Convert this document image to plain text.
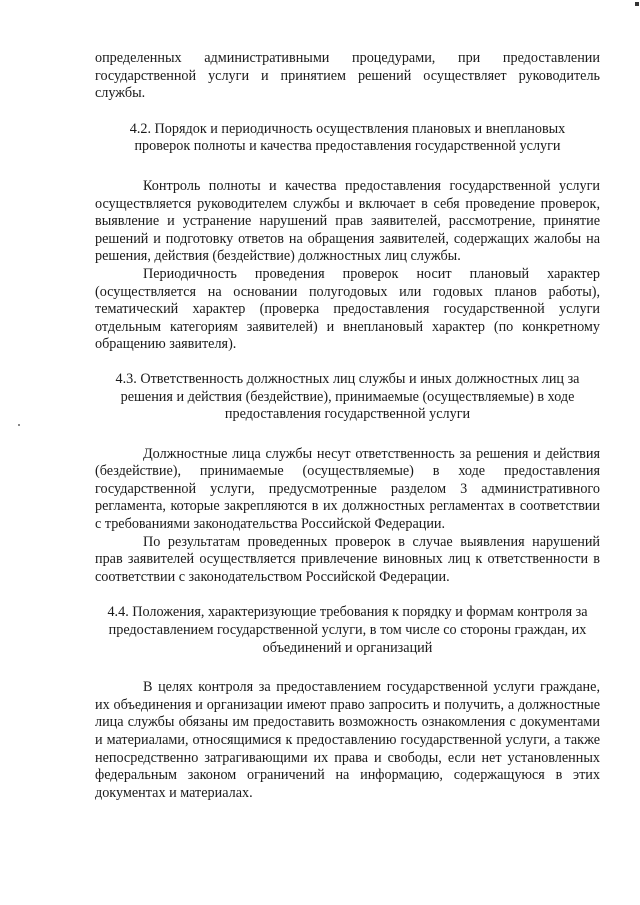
определенных административными процедурами, при предоставлении государственной услуги и принятием решений осуществляет руководитель службы.

4.2. Порядок и периодичность осуществления плановых и внеплановых проверок полноты и качества предоставления государственной услуги

Контроль полноты и качества предоставления государственной услуги осуществляется руководителем службы и включает в себя проведение проверок, выявление и устранение нарушений прав заявителей, рассмотрение, принятие решений и подготовку ответов на обращения заявителей, содержащих жалобы на решения, действия (бездействие) должностных лиц службы.

Периодичность проведения проверок носит плановый характер (осуществляется на основании полугодовых или годовых планов работы), тематический характер (проверка предоставления государственной услуги отдельным категориям заявителей) и внеплановый характер (по конкретному обращению заявителя).

4.3. Ответственность должностных лиц службы и иных должностных лиц за решения и действия (бездействие), принимаемые (осуществляемые) в ходе предоставления государственной услуги

Должностные лица службы несут ответственность за решения и действия (бездействие), принимаемые (осуществляемые) в ходе предоставления государственной услуги, предусмотренные разделом 3 административного регламента, которые закрепляются в их должностных регламентах в соответствии с требованиями законодательства Российской Федерации.

По результатам проведенных проверок в случае выявления нарушений прав заявителей осуществляется привлечение виновных лиц к ответственности в соответствии с законодательством Российской Федерации.

4.4. Положения, характеризующие требования к порядку и формам контроля за предоставлением государственной услуги, в том числе со стороны граждан, их объединений и организаций

В целях контроля за предоставлением государственной услуги граждане, их объединения и организации имеют право запросить и получить, а должностные лица службы обязаны им предоставить возможность ознакомления с документами и материалами, относящимися к предоставлению государственной услуги, а также непосредственно затрагивающими их права и свободы, если нет установленных федеральным законом ограничений на информацию, содержащуюся в этих документах и материалах.
